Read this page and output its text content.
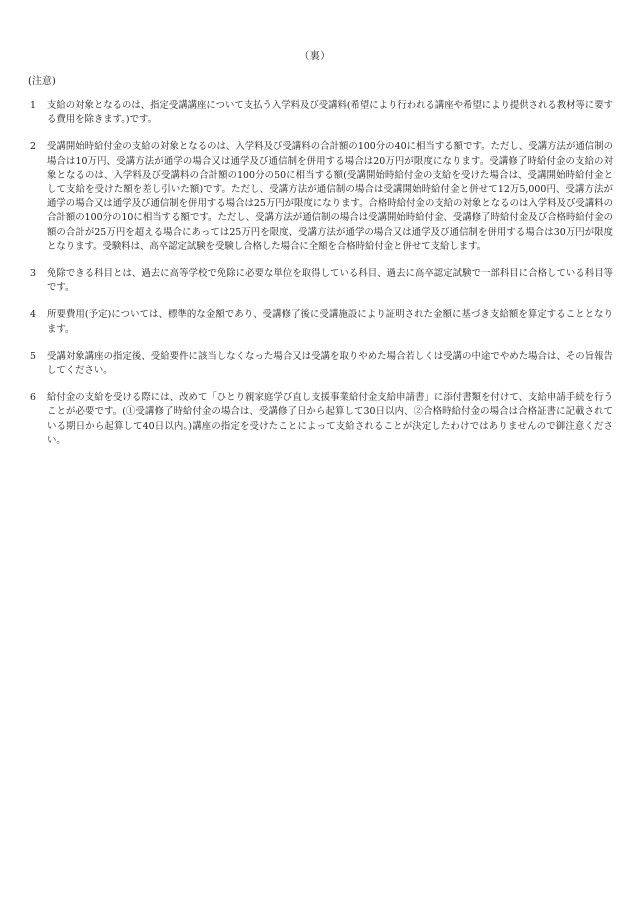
（裏）
(注意)
1	支給の対象となるのは、指定受講講座について支払う入学料及び受講料(希望により行われる講座や希望により提供される教材等に要する費用を除きます。)です。
2	受講開始時給付金の支給の対象となるのは、入学料及び受講料の合計額の100分の40に相当する額です。ただし、受講方法が通信制の場合は10万円、受講方法が通学の場合又は通学及び通信制を併用する場合は20万円が限度になります。受講修了時給付金の支給の対象となるのは、入学料及び受講料の合計額の100分の50に相当する額(受講開始時給付金の支給を受けた場合は、受講開始時給付金として支給を受けた額を差し引いた額)です。ただし、受講方法が通信制の場合は受講開始時給付金と併せて12万5,000円、受講方法が通学の場合又は通学及び通信制を併用する場合は25万円が限度になります。合格時給付金の支給の対象となるのは入学料及び受講料の合計額の100分の10に相当する額です。ただし、受講方法が通信制の場合は受講開始時給付金、受講修了時給付金及び合格時給付金の額の合計が25万円を超える場合にあっては25万円を限度、受講方法が通学の場合又は通学及び通信制を併用する場合は30万円が限度となります。受験料は、高卒認定試験を受験し合格した場合に全額を合格時給付金と併せて支給します。
3	免除できる科目とは、過去に高等学校で免除に必要な単位を取得している科目、過去に高卒認定試験で一部科目に合格している科目等です。
4	所要費用(予定)については、標準的な金額であり、受講修了後に受講施設により証明された金額に基づき支給額を算定することとなります。
5	受講対象講座の指定後、受給要件に該当しなくなった場合又は受講を取りやめた場合若しくは受講の中途でやめた場合は、その旨報告してください。
6	給付金の支給を受ける際には、改めて「ひとり親家庭学び直し支援事業給付金支給申請書」に添付書類を付けて、支給申請手続を行うことが必要です。(①受講修了時給付金の場合は、受講修了日から起算して30日以内、②合格時給付金の場合は合格証書に記載されている期日から起算して40日以内。)講座の指定を受けたことによって支給されることが決定したわけではありませんので御注意ください。
